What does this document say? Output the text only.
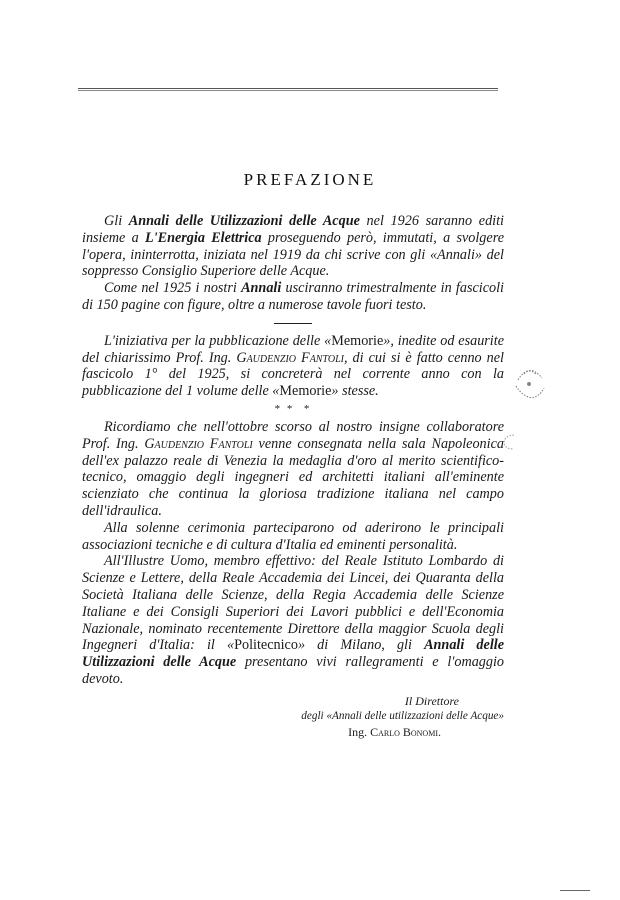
PREFAZIONE

Gli Annali delle Utilizzazioni delle Acque nel 1926 saranno editi insieme a L'Energia Elettrica proseguendo però, immutati, a svolgere l'opera, ininterrotta, iniziata nel 1919 da chi scrive con gli «Annali» del soppresso Consiglio Superiore delle Acque.

Come nel 1925 i nostri Annali usciranno trimestralmente in fascicoli di 150 pagine con figure, oltre a numerose tavole fuori testo.

L'iniziativa per la pubblicazione delle «Memorie», inedite od esaurite del chiarissimo Prof. Ing. Gaudenzio Fantoli, di cui si è fatto cenno nel fascicolo 1° del 1925, si concreterà nel corrente anno con la pubblicazione del 1 volume delle «Memorie» stesse.

* *  *

Ricordiamo che nell'ottobre scorso al nostro insigne collaboratore Prof. Ing. Gaudenzio Fantoli venne consegnata nella sala Napoleonica dell'ex palazzo reale di Venezia la medaglia d'oro al merito scientifico-tecnico, omaggio degli ingegneri ed architetti italiani all'eminente scienziato che continua la gloriosa tradizione italiana nel campo dell'idraulica.

Alla solenne cerimonia parteciparono od aderirono le principali associazioni tecniche e di cultura d'Italia ed eminenti personalità.

All'Illustre Uomo, membro effettivo: del Reale Istituto Lombardo di Scienze e Lettere, della Reale Accademia dei Lincei, dei Quaranta della Società Italiana delle Scienze, della Regia Accademia delle Scienze Italiane e dei Consigli Superiori dei Lavori pubblici e dell'Economia Nazionale, nominato recentemente Direttore della maggior Scuola degli Ingegneri d'Italia: il «Politecnico» di Milano, gli Annali delle Utilizzazioni delle Acque presentano vivi rallegramenti e l'omaggio devoto.

Il Direttore
degli «Annali delle utilizzazioni delle Acque»
Ing. Carlo Bonomi.
